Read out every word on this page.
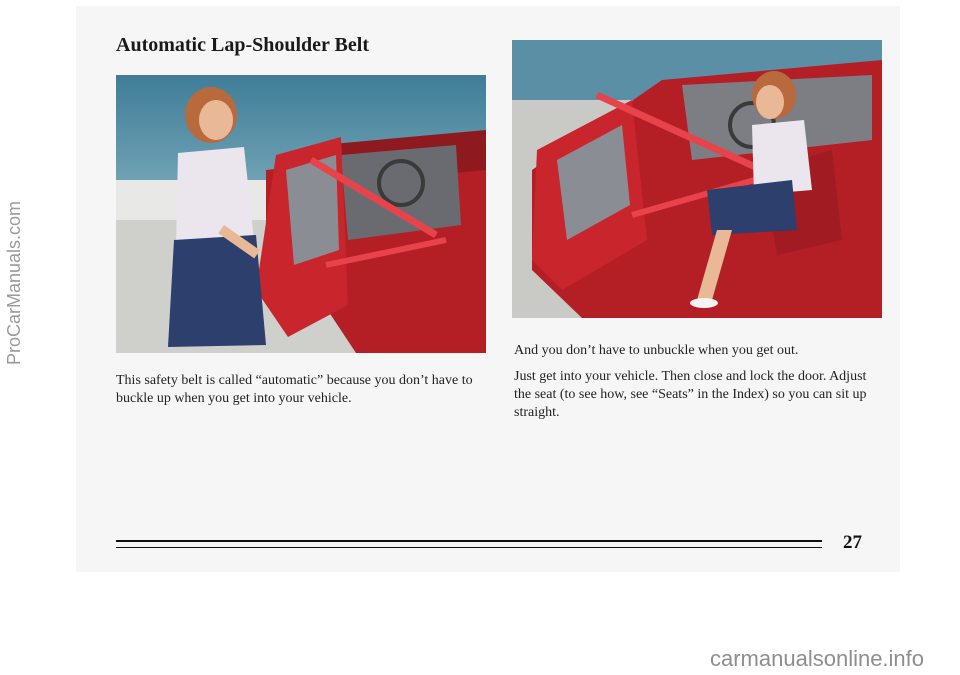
Automatic Lap-Shoulder Belt

This safety belt is called “automatic” because you don’t have to buckle up when you get into your vehicle.

And you don’t have to unbuckle when you get out.

Just get into your vehicle. Then close and lock the door. Adjust the seat (to see how, see “Seats” in the Index) so you can sit up straight.

27
ProCarManuals.com
carmanualsonline.info
